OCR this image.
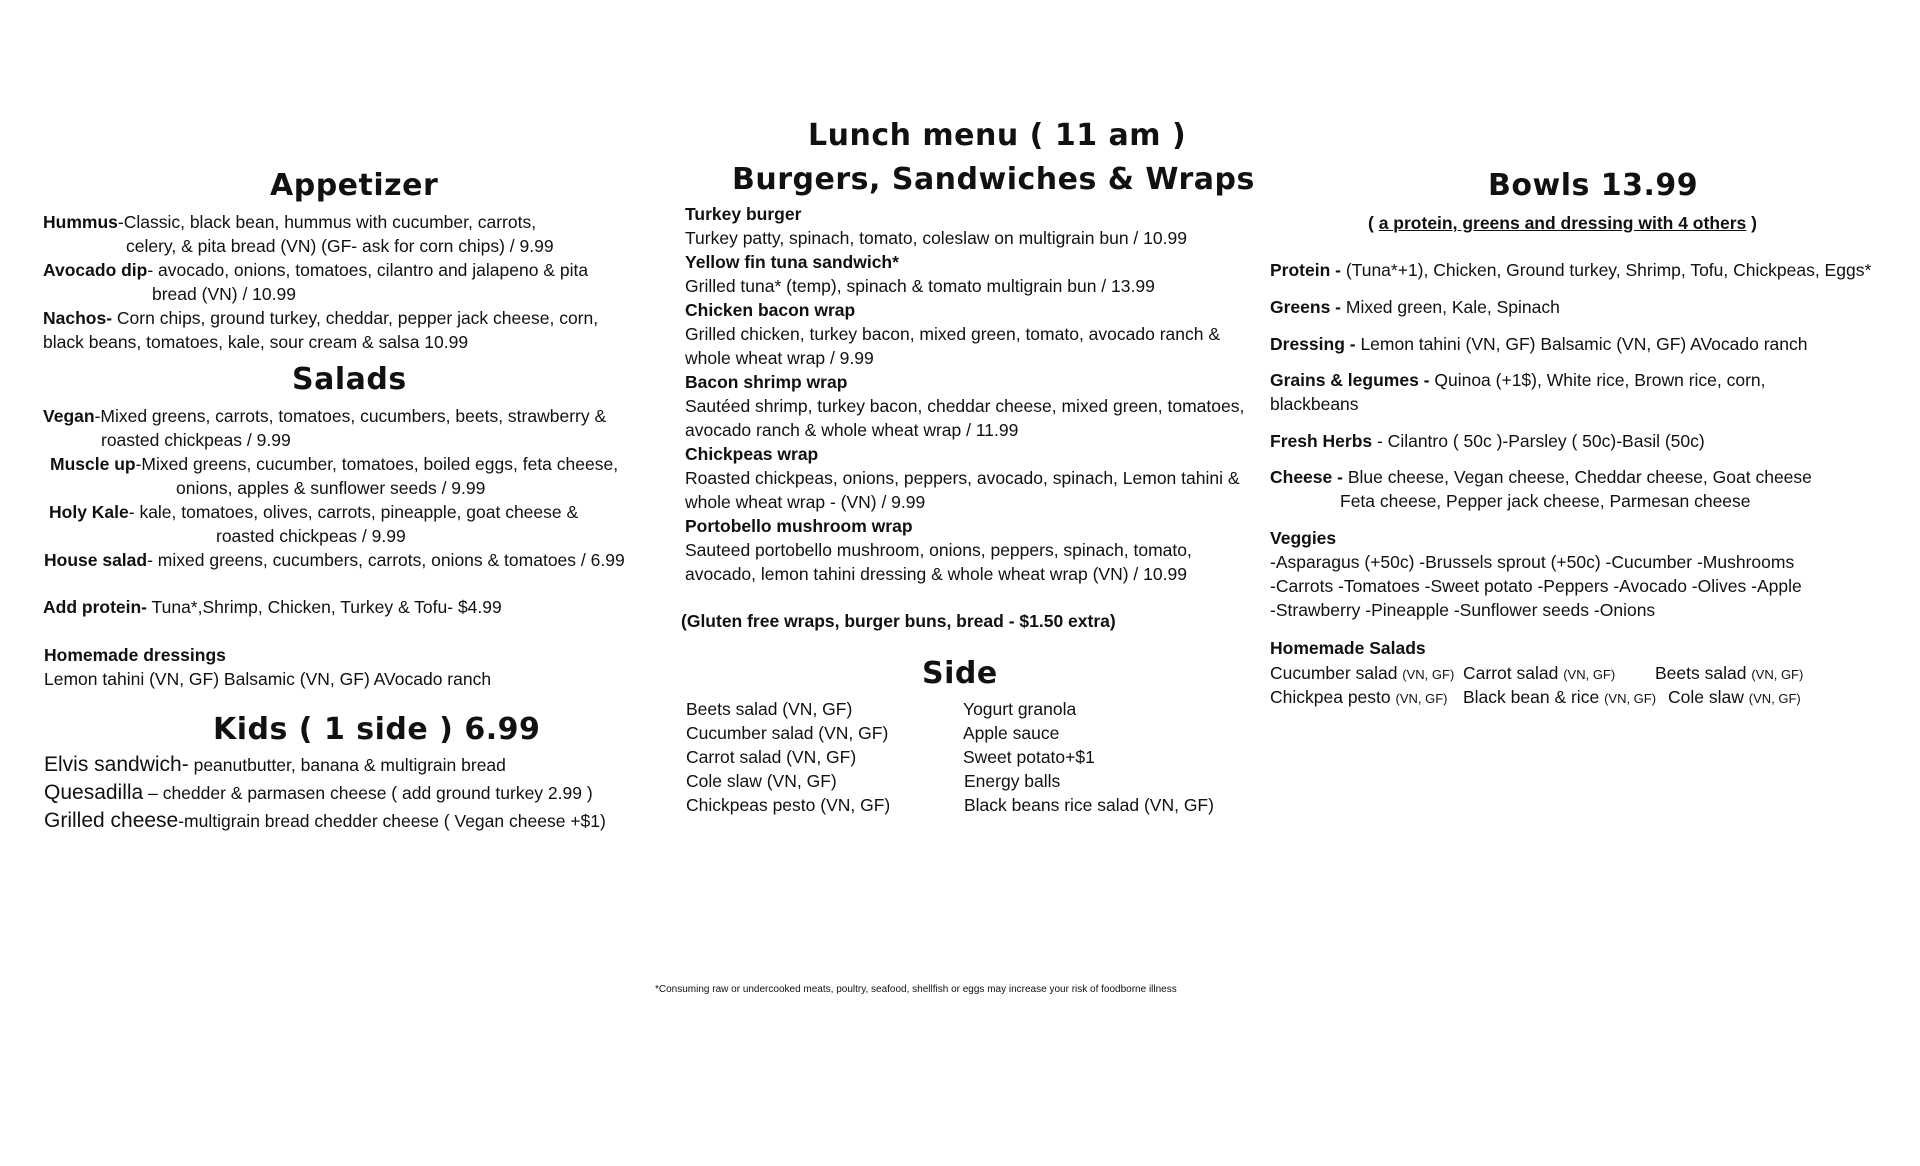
Lunch menu ( 11 am )
Burgers, Sandwiches & Wraps
Appetizer
Hummus-Classic, black bean, hummus with cucumber, carrots,
celery, & pita bread (VN) (GF- ask for corn chips) / 9.99
Avocado dip- avocado, onions, tomatoes, cilantro and jalapeno & pita
bread (VN) / 10.99
Nachos- Corn chips, ground turkey, cheddar, pepper jack cheese, corn,
black beans, tomatoes, kale, sour cream & salsa 10.99
Salads
Vegan-Mixed greens, carrots, tomatoes, cucumbers, beets, strawberry &
roasted chickpeas / 9.99
Muscle up-Mixed greens, cucumber, tomatoes, boiled eggs, feta cheese,
onions, apples & sunflower seeds / 9.99
Holy Kale- kale, tomatoes, olives, carrots, pineapple, goat cheese &
roasted chickpeas / 9.99
House salad- mixed greens, cucumbers, carrots, onions & tomatoes / 6.99
Add protein- Tuna*,Shrimp, Chicken, Turkey & Tofu- $4.99
Homemade dressings
Lemon tahini (VN, GF) Balsamic (VN, GF) AVocado ranch
Kids ( 1 side ) 6.99
Elvis sandwich- peanutbutter, banana & multigrain bread
Quesadilla – chedder & parmasen cheese ( add ground turkey 2.99 )
Grilled cheese-multigrain bread chedder cheese ( Vegan cheese +$1)
Turkey burger
Turkey patty, spinach, tomato, coleslaw on multigrain bun / 10.99
Yellow fin tuna sandwich*
Grilled tuna* (temp), spinach & tomato multigrain bun / 13.99
Chicken bacon wrap
Grilled chicken, turkey bacon, mixed green, tomato, avocado ranch &
whole wheat wrap / 9.99
Bacon shrimp wrap
Sautéed shrimp, turkey bacon, cheddar cheese, mixed green, tomatoes,
avocado ranch & whole wheat wrap / 11.99
Chickpeas wrap
Roasted chickpeas, onions, peppers, avocado, spinach, Lemon tahini &
whole wheat wrap - (VN) / 9.99
Portobello mushroom wrap
Sauteed portobello mushroom, onions, peppers, spinach, tomato,
avocado, lemon tahini dressing & whole wheat wrap (VN) / 10.99
(Gluten free wraps, burger buns, bread - $1.50 extra)
Side
Beets salad (VN, GF)
Cucumber salad (VN, GF)
Carrot salad (VN, GF)
Cole slaw (VN, GF)
Chickpeas pesto (VN, GF)
Yogurt granola
Apple sauce
Sweet potato+$1
Energy balls
Black beans rice salad (VN, GF)
Bowls 13.99
( a protein, greens and dressing with 4 others )
Protein - (Tuna*+1), Chicken, Ground turkey, Shrimp, Tofu, Chickpeas, Eggs*
Greens - Mixed green, Kale, Spinach
Dressing - Lemon tahini (VN, GF) Balsamic (VN, GF) AVocado ranch
Grains & legumes - Quinoa (+1$), White rice, Brown rice, corn,
blackbeans
Fresh Herbs - Cilantro ( 50c )-Parsley ( 50c)-Basil (50c)
Cheese - Blue cheese, Vegan cheese, Cheddar cheese, Goat cheese
Feta cheese, Pepper jack cheese, Parmesan cheese
Veggies
-Asparagus (+50c) -Brussels sprout (+50c) -Cucumber -Mushrooms
-Carrots -Tomatoes -Sweet potato -Peppers -Avocado -Olives -Apple
-Strawberry -Pineapple -Sunflower seeds -Onions
Homemade Salads
Cucumber salad (VN, GF) Carrot salad (VN, GF) Beets salad (VN, GF)
Chickpea pesto (VN, GF) Black bean & rice (VN, GF) Cole slaw (VN, GF)
*Consuming raw or undercooked meats, poultry, seafood, shellfish or eggs may increase your risk of foodborne illness
